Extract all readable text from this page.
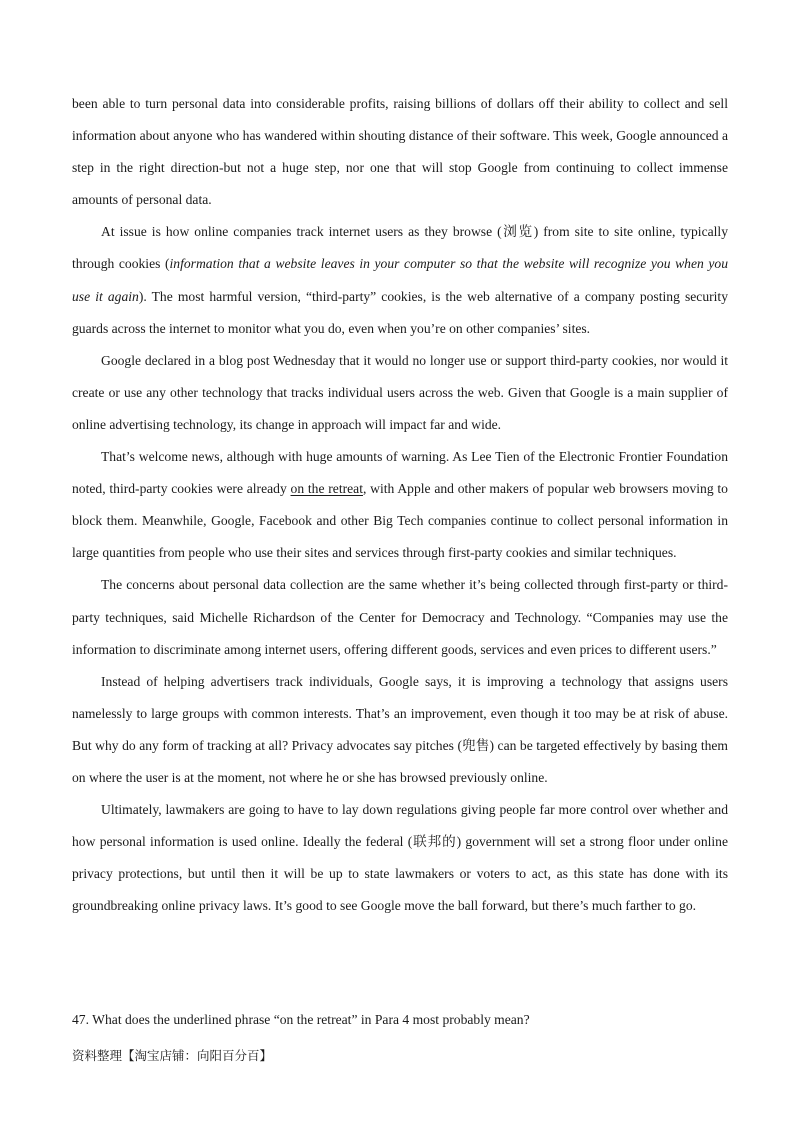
been able to turn personal data into considerable profits, raising billions of dollars off their ability to collect and sell information about anyone who has wandered within shouting distance of their software. This week, Google announced a step in the right direction-but not a huge step, nor one that will stop Google from continuing to collect immense amounts of personal data.

At issue is how online companies track internet users as they browse (浏览) from site to site online, typically through cookies (information that a website leaves in your computer so that the website will recognize you when you use it again). The most harmful version, “third-party” cookies, is the web alternative of a company posting security guards across the internet to monitor what you do, even when you’re on other companies’ sites.

Google declared in a blog post Wednesday that it would no longer use or support third-party cookies, nor would it create or use any other technology that tracks individual users across the web. Given that Google is a main supplier of online advertising technology, its change in approach will impact far and wide.

That’s welcome news, although with huge amounts of warning. As Lee Tien of the Electronic Frontier Foundation noted, third-party cookies were already on the retreat, with Apple and other makers of popular web browsers moving to block them. Meanwhile, Google, Facebook and other Big Tech companies continue to collect personal information in large quantities from people who use their sites and services through first-party cookies and similar techniques.

The concerns about personal data collection are the same whether it’s being collected through first-party or third-party techniques, said Michelle Richardson of the Center for Democracy and Technology. “Companies may use the information to discriminate among internet users, offering different goods, services and even prices to different users.”

Instead of helping advertisers track individuals, Google says, it is improving a technology that assigns users namelessly to large groups with common interests. That’s an improvement, even though it too may be at risk of abuse. But why do any form of tracking at all? Privacy advocates say pitches (兜售) can be targeted effectively by basing them on where the user is at the moment, not where he or she has browsed previously online.

Ultimately, lawmakers are going to have to lay down regulations giving people far more control over whether and how personal information is used online. Ideally the federal (联邦的) government will set a strong floor under online privacy protections, but until then it will be up to state lawmakers or voters to act, as this state has done with its groundbreaking online privacy laws. It’s good to see Google move the ball forward, but there’s much farther to go.

47. What does the underlined phrase “on the retreat” in Para 4 most probably mean?
资料整理【淘宝店铺：向阳百分百】
